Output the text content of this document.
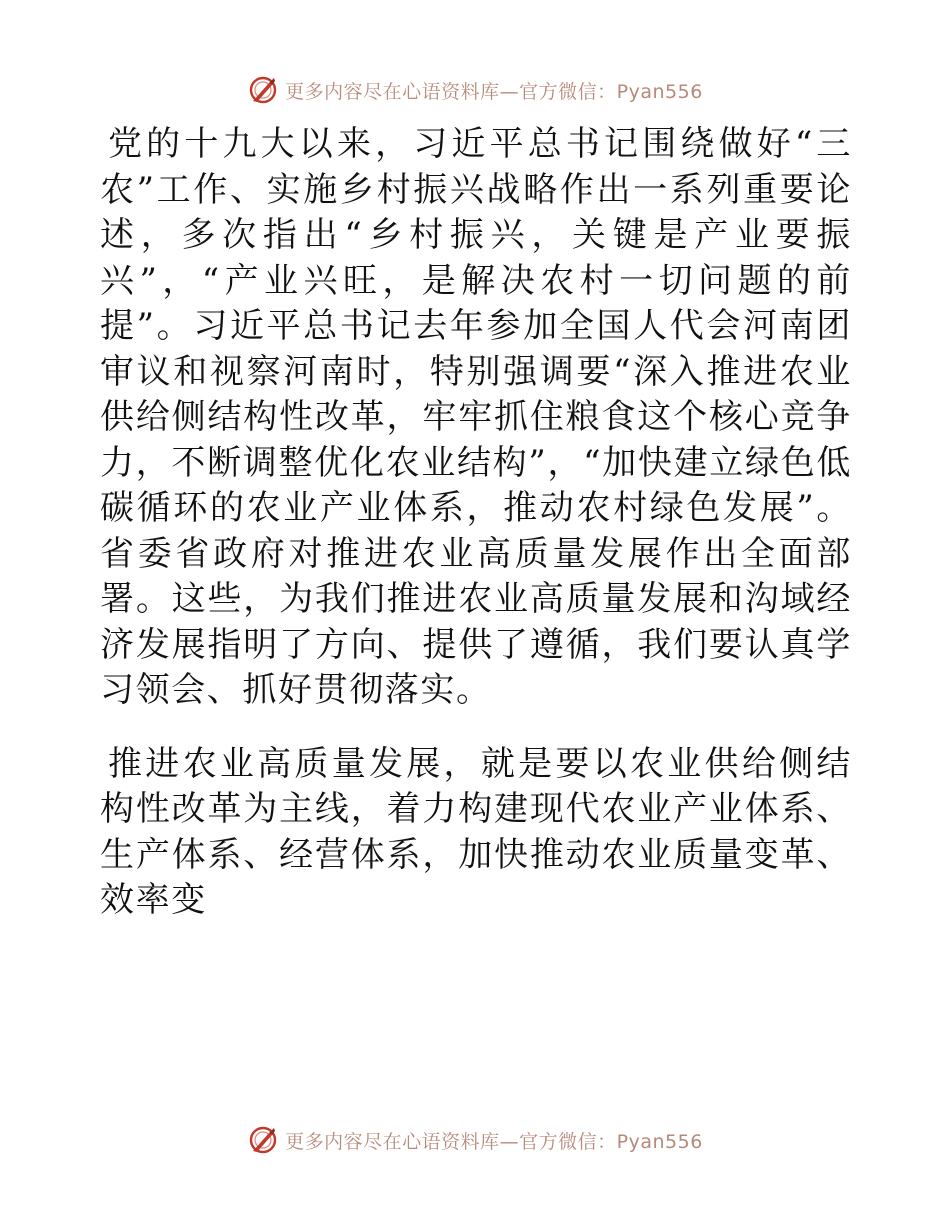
更多内容尽在心语资料库—官方微信：Pyan556

党的十九大以来，习近平总书记围绕做好“三农”工作、实施乡村振兴战略作出一系列重要论述，多次指出“乡村振兴，关键是产业要振兴”，“产业兴旺，是解决农村一切问题的前提”。习近平总书记去年参加全国人代会河南团审议和视察河南时，特别强调要“深入推进农业供给侧结构性改革，牢牢抓住粮食这个核心竞争力，不断调整优化农业结构”，“加快建立绿色低碳循环的农业产业体系，推动农村绿色发展”。省委省政府对推进农业高质量发展作出全面部署。这些，为我们推进农业高质量发展和沟域经济发展指明了方向、提供了遵循，我们要认真学习领会、抓好贯彻落实。

推进农业高质量发展，就是要以农业供给侧结构性改革为主线，着力构建现代农业产业体系、生产体系、经营体系，加快推动农业质量变革、效率变

更多内容尽在心语资料库—官方微信：Pyan556
